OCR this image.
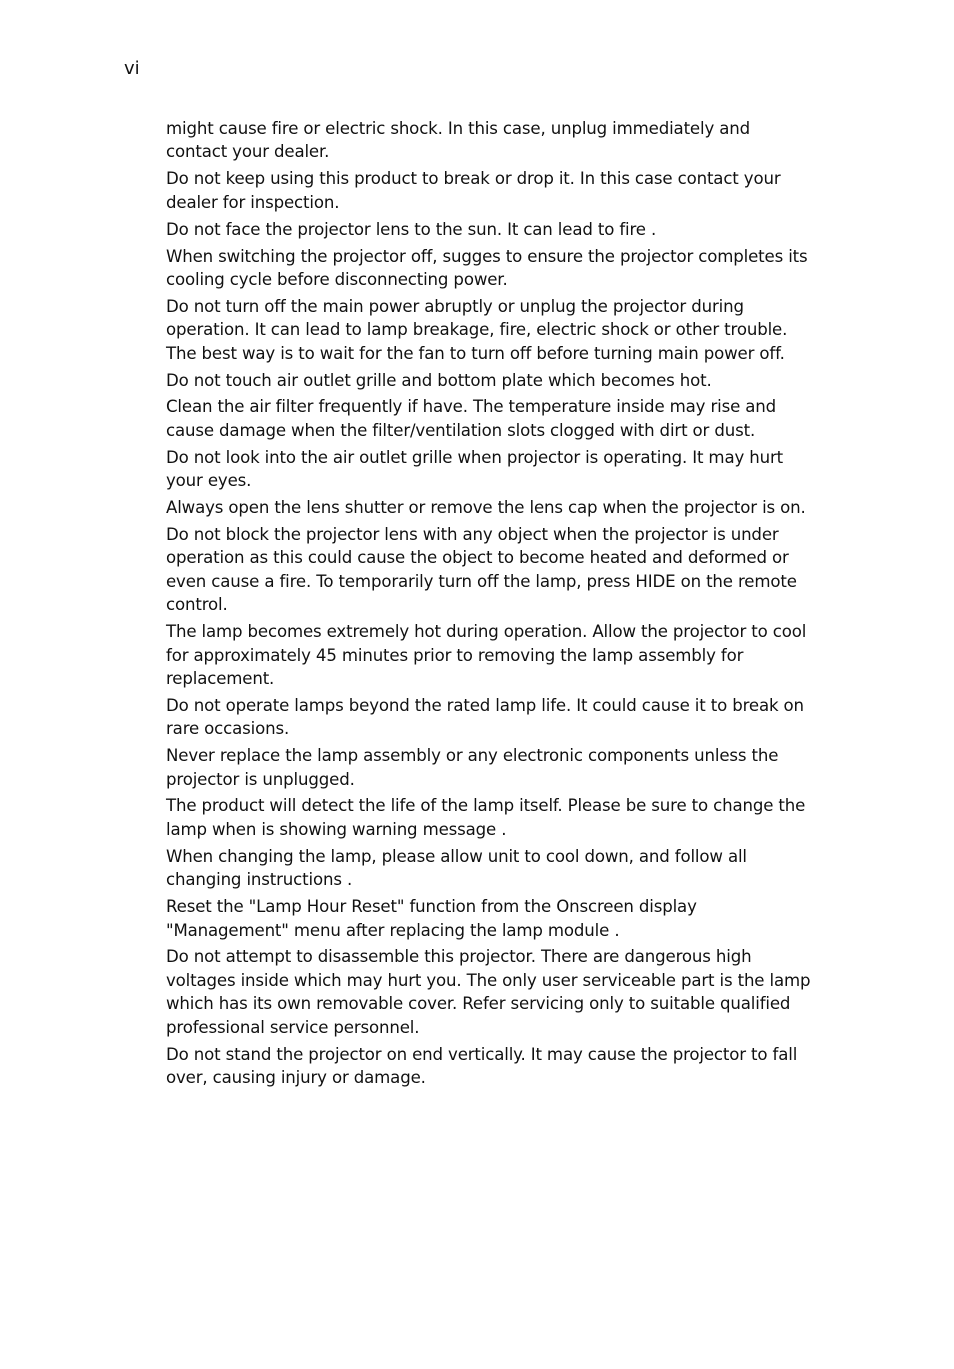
vi

might cause fire or electric shock. In this case, unplug immediately and contact your dealer.

Do not keep using this product to break or drop it. In this case contact your dealer for inspection.

Do not face the projector lens to the sun. It can lead to fire .

When switching the projector off, sugges to ensure the projector completes its cooling cycle before disconnecting power.

Do not turn off the main power abruptly or unplug the projector during operation. It can lead to lamp breakage, fire, electric shock or other trouble. The best way is to wait for the fan to turn off before turning main power off.

Do not touch air outlet grille and bottom plate which becomes hot.

Clean the air filter frequently if have. The temperature inside may rise and cause damage when the filter/ventilation slots clogged with dirt or dust.

Do not look into the air outlet grille when projector is operating. It may hurt your eyes.

Always open the lens shutter or remove the lens cap when the projector is on.

Do not block the projector lens with any object when the projector is under operation as this could cause the object to become heated and deformed or even cause a fire. To temporarily turn off the lamp, press HIDE on the remote control.

The lamp becomes extremely hot during operation. Allow the projector to cool for approximately 45 minutes prior to removing the lamp assembly for replacement.

Do not operate lamps beyond the rated lamp life. It could cause it to break on rare occasions.

Never replace the lamp assembly or any electronic components unless the projector is unplugged.

The product will detect the life of the lamp itself. Please be sure to change the lamp when is showing warning message .

When changing the lamp, please allow unit to cool down, and follow all changing instructions .

Reset the "Lamp Hour Reset" function from the Onscreen display "Management" menu after replacing the lamp module .

Do not attempt to disassemble this projector. There are dangerous high voltages inside which may hurt you. The only user serviceable part is the lamp which has its own removable cover. Refer servicing only to suitable qualified professional service personnel.

Do not stand the projector on end vertically. It may cause the projector to fall over, causing injury or damage.
